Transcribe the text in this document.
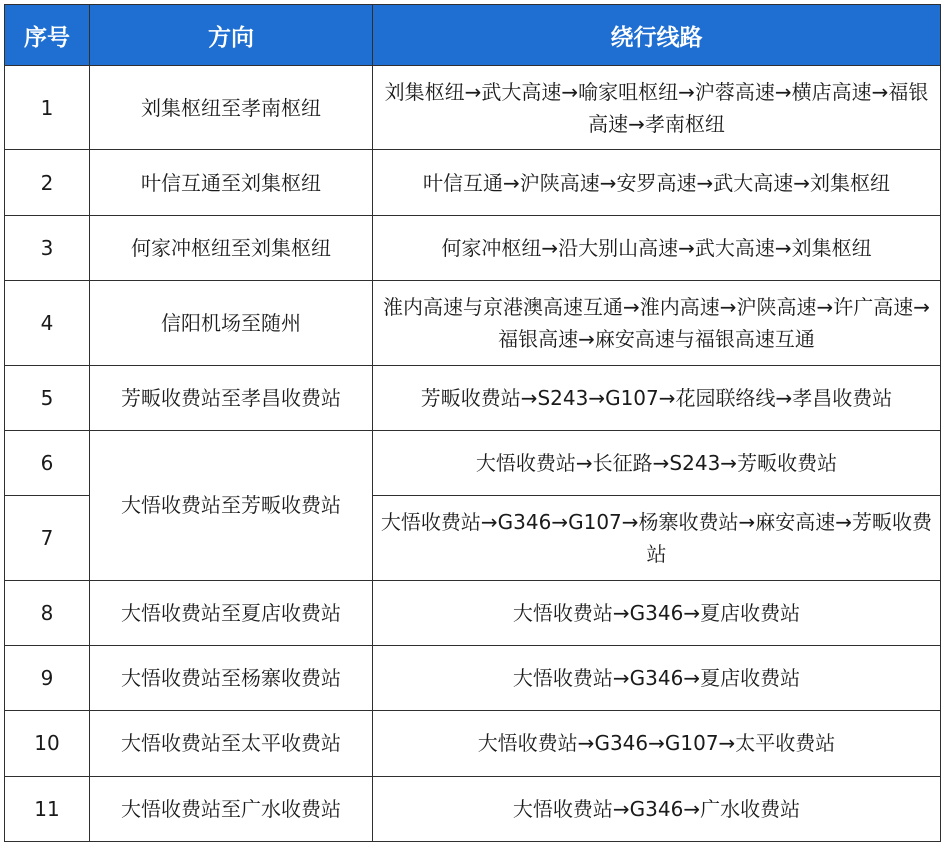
序号	方向	绕行线路
1	刘集枢纽至孝南枢纽	刘集枢纽→武大高速→喻家咀枢纽→沪蓉高速→横店高速→福银高速→孝南枢纽
2	叶信互通至刘集枢纽	叶信互通→沪陕高速→安罗高速→武大高速→刘集枢纽
3	何家冲枢纽至刘集枢纽	何家冲枢纽→沿大别山高速→武大高速→刘集枢纽
4	信阳机场至随州	淮内高速与京港澳高速互通→淮内高速→沪陕高速→许广高速→福银高速→麻安高速与福银高速互通
5	芳畈收费站至孝昌收费站	芳畈收费站→S243→G107→花园联络线→孝昌收费站
6	大悟收费站至芳畈收费站	大悟收费站→长征路→S243→芳畈收费站
7		大悟收费站→G346→G107→杨寨收费站→麻安高速→芳畈收费站
8	大悟收费站至夏店收费站	大悟收费站→G346→夏店收费站
9	大悟收费站至杨寨收费站	大悟收费站→G346→夏店收费站
10	大悟收费站至太平收费站	大悟收费站→G346→G107→太平收费站
11	大悟收费站至广水收费站	大悟收费站→G346→广水收费站
